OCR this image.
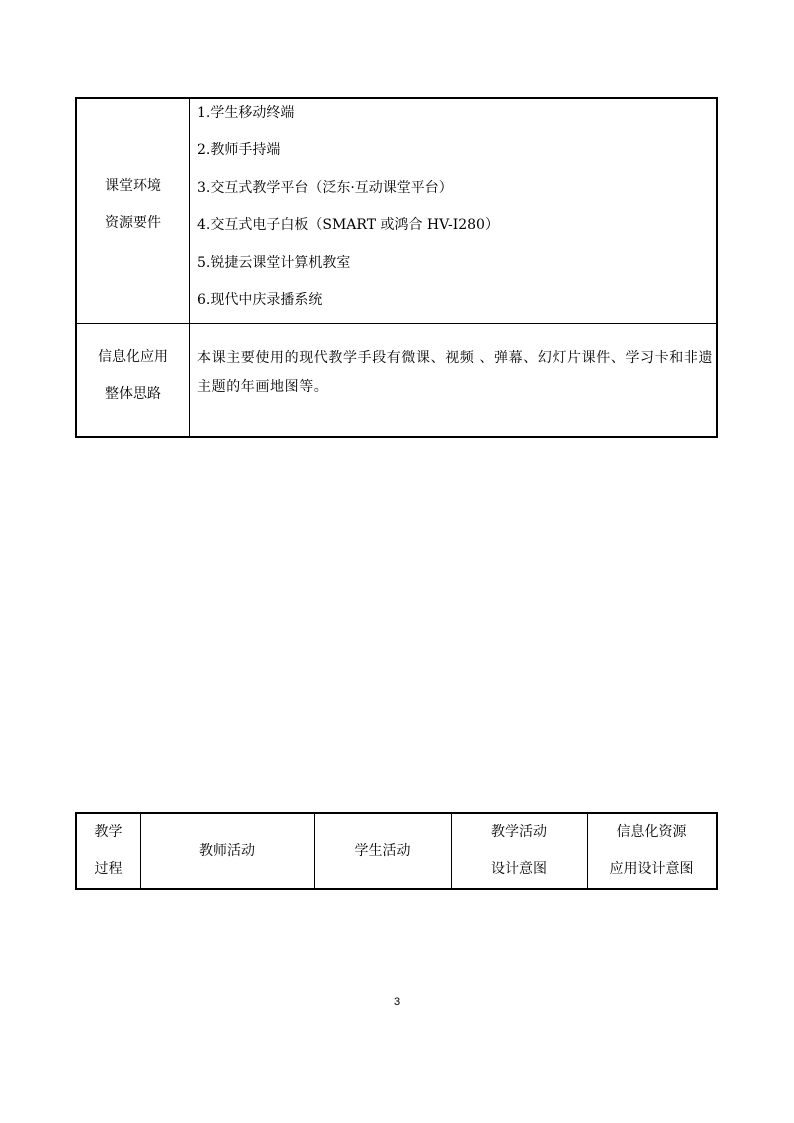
课堂环境
资源要件
1.学生移动终端
2.教师手持端
3.交互式教学平台（泛东·互动课堂平台）
4.交互式电子白板（SMART 或鸿合 HV-I280）
5.锐捷云课堂计算机教室
6.现代中庆录播系统
信息化应用
整体思路
本课主要使用的现代教学手段有微课、视频 、弹幕、幻灯片课件、学习卡和非遗主题的年画地图等。
教学
过程
教师活动	学生活动
教学活动
设计意图
信息化资源
应用设计意图
3
